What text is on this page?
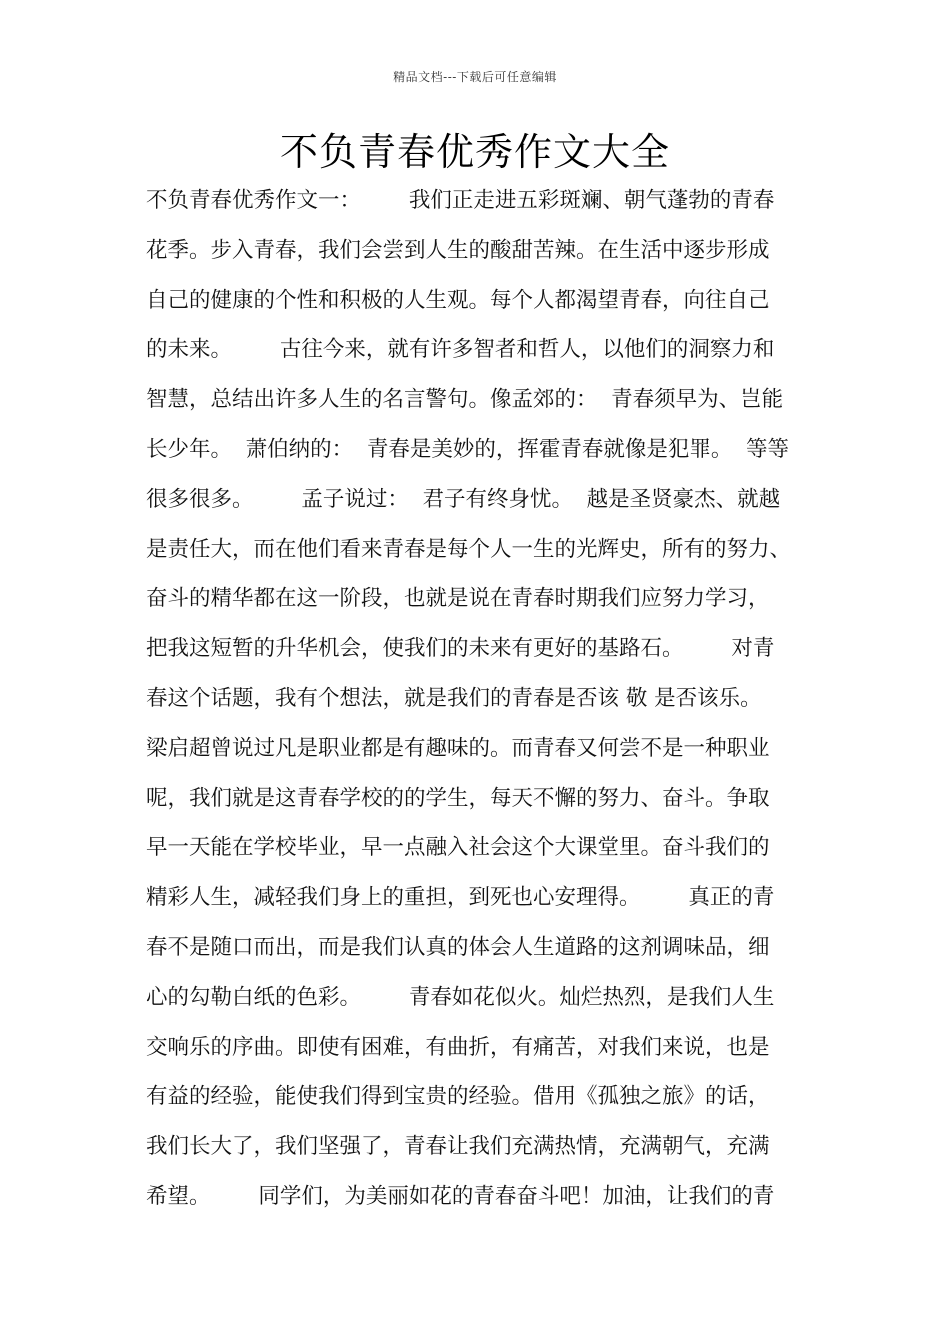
精品文档---下载后可任意编辑
不负青春优秀作文大全
不负青春优秀作文一：       我们正走进五彩斑斓、朝气蓬勃的青春
花季。步入青春，我们会尝到人生的酸甜苦辣。在生活中逐步形成
自己的健康的个性和积极的人生观。每个人都渴望青春，向往自己
的未来。       古往今来，就有许多智者和哲人，以他们的洞察力和
智慧，总结出许多人生的名言警句。像孟郊的：  青春须早为、岂能
长少年。  萧伯纳的：  青春是美妙的，挥霍青春就像是犯罪。  等等
很多很多。       孟子说过：  君子有终身忧。  越是圣贤豪杰、就越
是责任大，而在他们看来青春是每个人一生的光辉史，所有的努力、
奋斗的精华都在这一阶段，也就是说在青春时期我们应努力学习，
把我这短暂的升华机会，使我们的未来有更好的基路石。       对青
春这个话题，我有个想法，就是我们的青春是否该 敬 是否该乐。
梁启超曾说过凡是职业都是有趣味的。而青春又何尝不是一种职业
呢，我们就是这青春学校的的学生，每天不懈的努力、奋斗。争取
早一天能在学校毕业，早一点融入社会这个大课堂里。奋斗我们的
精彩人生，减轻我们身上的重担，到死也心安理得。       真正的青
春不是随口而出，而是我们认真的体会人生道路的这剂调味品，细
心的勾勒白纸的色彩。       青春如花似火。灿烂热烈，是我们人生
交响乐的序曲。即使有困难，有曲折，有痛苦，对我们来说，也是
有益的经验，能使我们得到宝贵的经验。借用《孤独之旅》的话，
我们长大了，我们坚强了，青春让我们充满热情，充满朝气，充满
希望。       同学们，为美丽如花的青春奋斗吧！加油，让我们的青
